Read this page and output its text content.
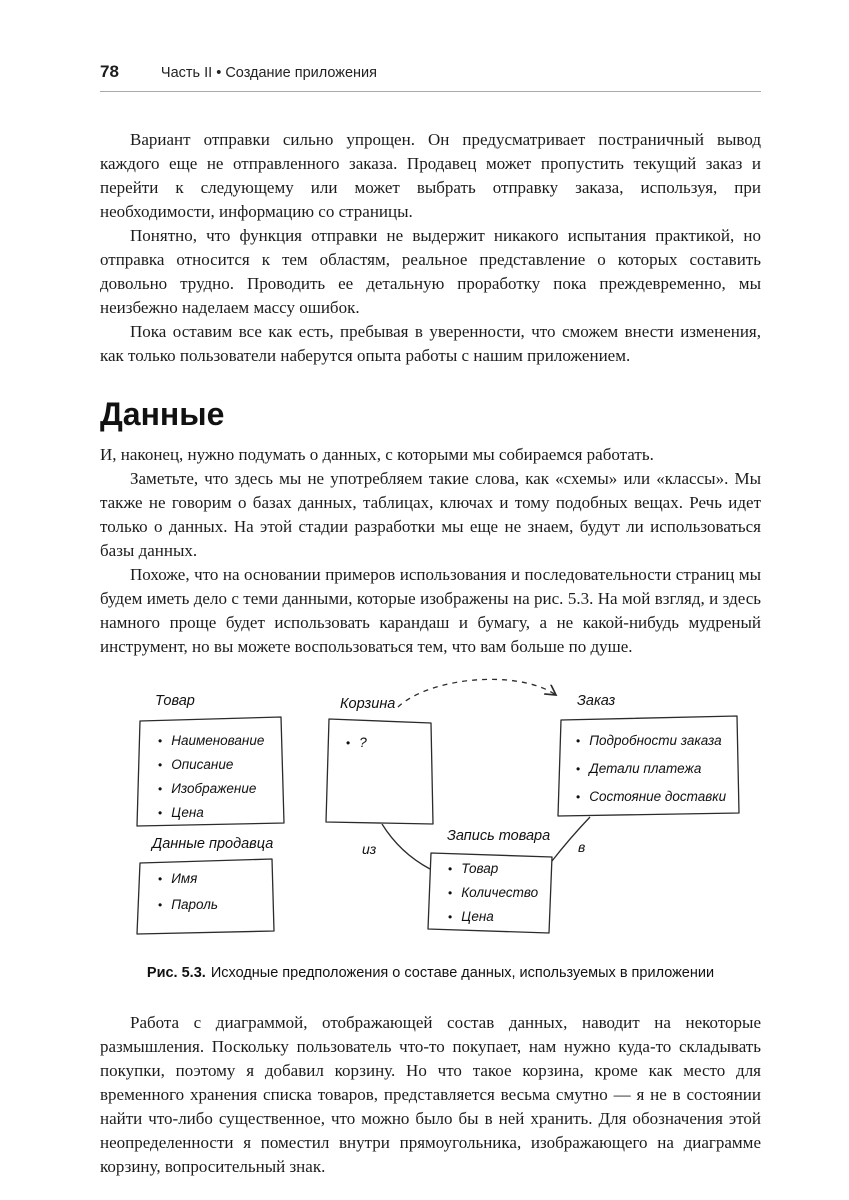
78	Часть II • Создание приложения

Вариант отправки сильно упрощен. Он предусматривает постраничный вывод каждого еще не отправленного заказа. Продавец может пропустить текущий заказ и перейти к следующему или может выбрать отправку заказа, используя, при необходимости, информацию со страницы.

Понятно, что функция отправки не выдержит никакого испытания практикой, но отправка относится к тем областям, реальное представление о которых составить довольно трудно. Проводить ее детальную проработку пока преждевременно, мы неизбежно наделаем массу ошибок.

Пока оставим все как есть, пребывая в уверенности, что сможем внести изменения, как только пользователи наберутся опыта работы с нашим приложением.

Данные

И, наконец, нужно подумать о данных, с которыми мы собираемся работать.

Заметьте, что здесь мы не употребляем такие слова, как «схемы» или «классы». Мы также не говорим о базах данных, таблицах, ключах и тому подобных вещах. Речь идет только о данных. На этой стадии разработки мы еще не знаем, будут ли использоваться базы данных.

Похоже, что на основании примеров использования и последовательности страниц мы будем иметь дело с теми данными, которые изображены на рис. 5.3. На мой взгляд, и здесь намного проще будет использовать карандаш и бумагу, а не какой-нибудь мудреный инструмент, но вы можете воспользоваться тем, что вам больше по душе.

Товар	Корзина	Заказ
Данные продавца	Запись товара
• Наименование
• Описание
• Изображение
• Цена
• ?	• Подробности заказа
• Детали платежа
• Состояние доставки
• Имя
• Пароль
• Товар
• Количество
• Цена
из	в
Рис. 5.3. Исходные предположения о составе данных, используемых в приложении

Работа с диаграммой, отображающей состав данных, наводит на некоторые размышления. Поскольку пользователь что-то покупает, нам нужно куда-то складывать покупки, поэтому я добавил корзину. Но что такое корзина, кроме как место для временного хранения списка товаров, представляется весьма смутно — я не в состоянии найти что-либо существенное, что можно было бы в ней хранить. Для обозначения этой неопределенности я поместил внутри прямоугольника, изображающего на диаграмме корзину, вопросительный знак.
